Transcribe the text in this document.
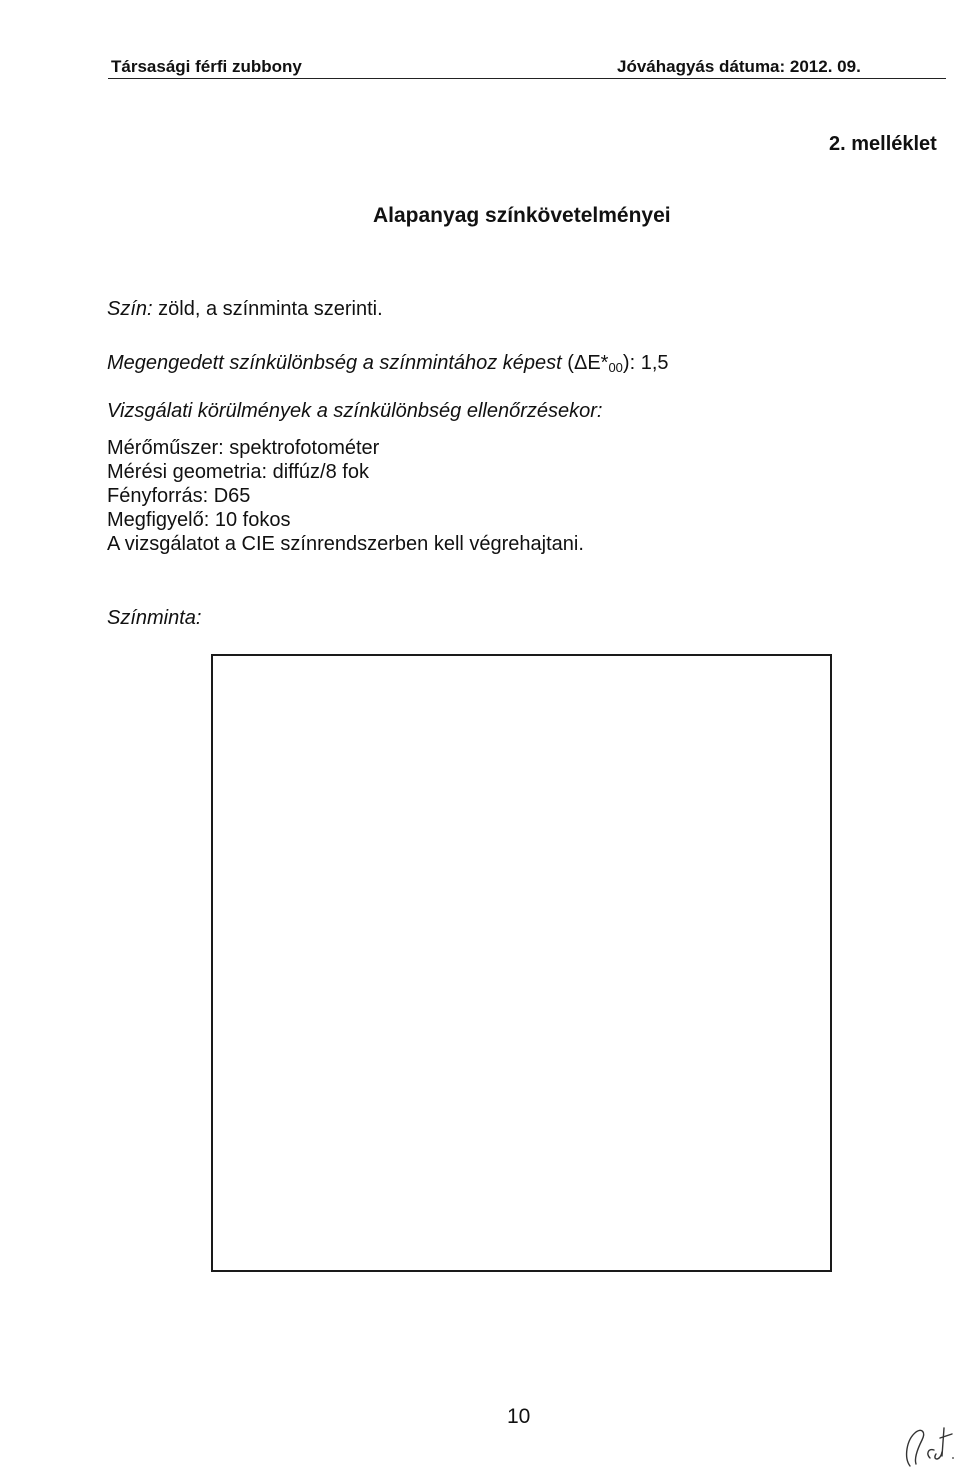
Társasági férfi zubbony	Jóváhagyás dátuma: 2012. 09.
2. melléklet
Alapanyag színkövetelményei
Szín: zöld, a színminta szerinti.
Megengedett színkülönbség a színmintához képest $(\Delta E*_{00})$: 1,5
Vizsgálati körülmények a színkülönbség ellenőrzésekor:
Mérőműszer: spektrofotométer
Mérési geometria: diffúz/8 fok
Fényforrás: D65
Megfigyelő: 10 fokos
A vizsgálatot a CIE színrendszerben kell végrehajtani.
Színminta:
10
